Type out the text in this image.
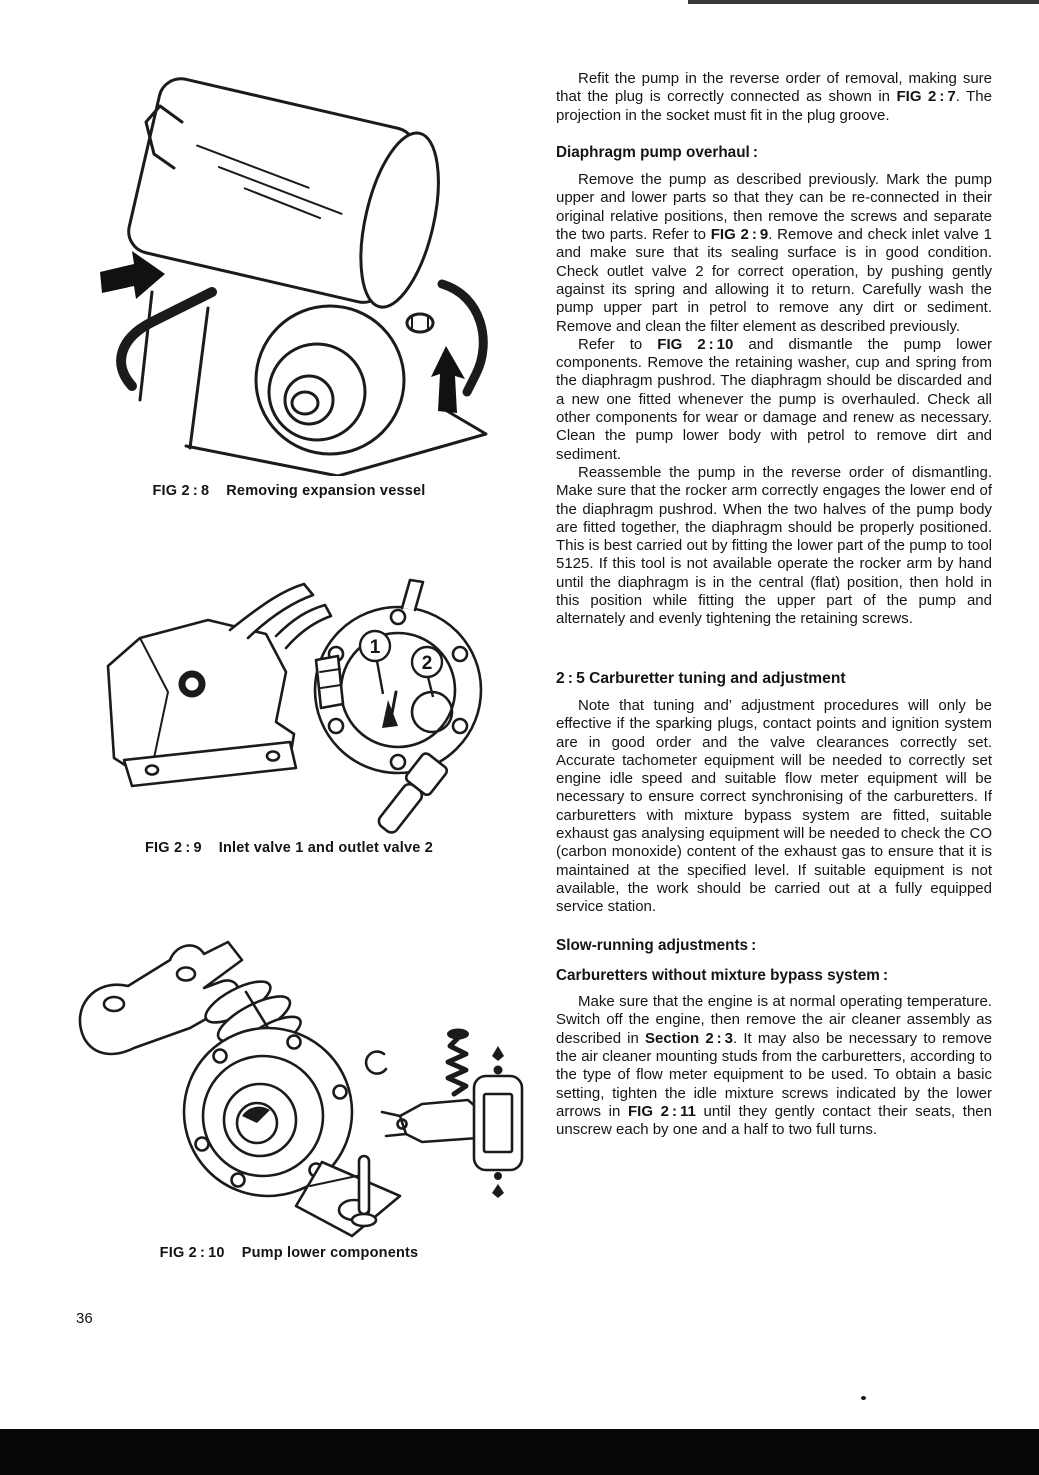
FIG 2 : 8 Removing expansion vessel
1
2
FIG 2 : 9 Inlet valve 1 and outlet valve 2
FIG 2 : 10 Pump lower components

Refit the pump in the reverse order of removal, making sure that the plug is correctly connected as shown in FIG 2 : 7. The projection in the socket must fit in the plug groove.

Diaphragm pump overhaul :

Remove the pump as described previously. Mark the pump upper and lower parts so that they can be re-connected in their original relative positions, then remove the screws and separate the two parts. Refer to FIG 2 : 9. Remove and check inlet valve 1 and make sure that its sealing surface is in good condition. Check outlet valve 2 for correct operation, by pushing gently against its spring and allowing it to return. Carefully wash the pump upper part in petrol to remove any dirt or sediment. Remove and clean the filter element as described previously.

Refer to FIG 2 : 10 and dismantle the pump lower components. Remove the retaining washer, cup and spring from the diaphragm pushrod. The diaphragm should be discarded and a new one fitted whenever the pump is overhauled. Check all other components for wear or damage and renew as necessary. Clean the pump lower body with petrol to remove dirt and sediment.

Reassemble the pump in the reverse order of dismantling. Make sure that the rocker arm correctly engages the lower end of the diaphragm pushrod. When the two halves of the pump body are fitted together, the diaphragm should be properly positioned. This is best carried out by fitting the lower part of the pump to tool 5125. If this tool is not available operate the rocker arm by hand until the diaphragm is in the central (flat) position, then hold in this position while fitting the upper part of the pump and alternately and evenly tightening the retaining screws.

2 : 5 Carburetter tuning and adjustment

Note that tuning and’ adjustment procedures will only be effective if the sparking plugs, contact points and ignition system are in good order and the valve clearances correctly set. Accurate tachometer equipment will be needed to correctly set engine idle speed and suitable flow meter equipment will be necessary to ensure correct synchronising of the carburetters. If carburetters with mixture bypass system are fitted, suitable exhaust gas analysing equipment will be needed to check the CO (carbon monoxide) content of the exhaust gas to ensure that it is maintained at the specified level. If suitable equipment is not available, the work should be carried out at a fully equipped service station.

Slow-running adjustments :
Carburetters without mixture bypass system :

Make sure that the engine is at normal operating temperature. Switch off the engine, then remove the air cleaner assembly as described in Section 2 : 3. It may also be necessary to remove the air cleaner mounting studs from the carburetters, according to the type of flow meter equipment to be used. To obtain a basic setting, tighten the idle mixture screws indicated by the lower arrows in FIG 2 : 11 until they gently contact their seats, then unscrew each by one and a half to two full turns.

36
